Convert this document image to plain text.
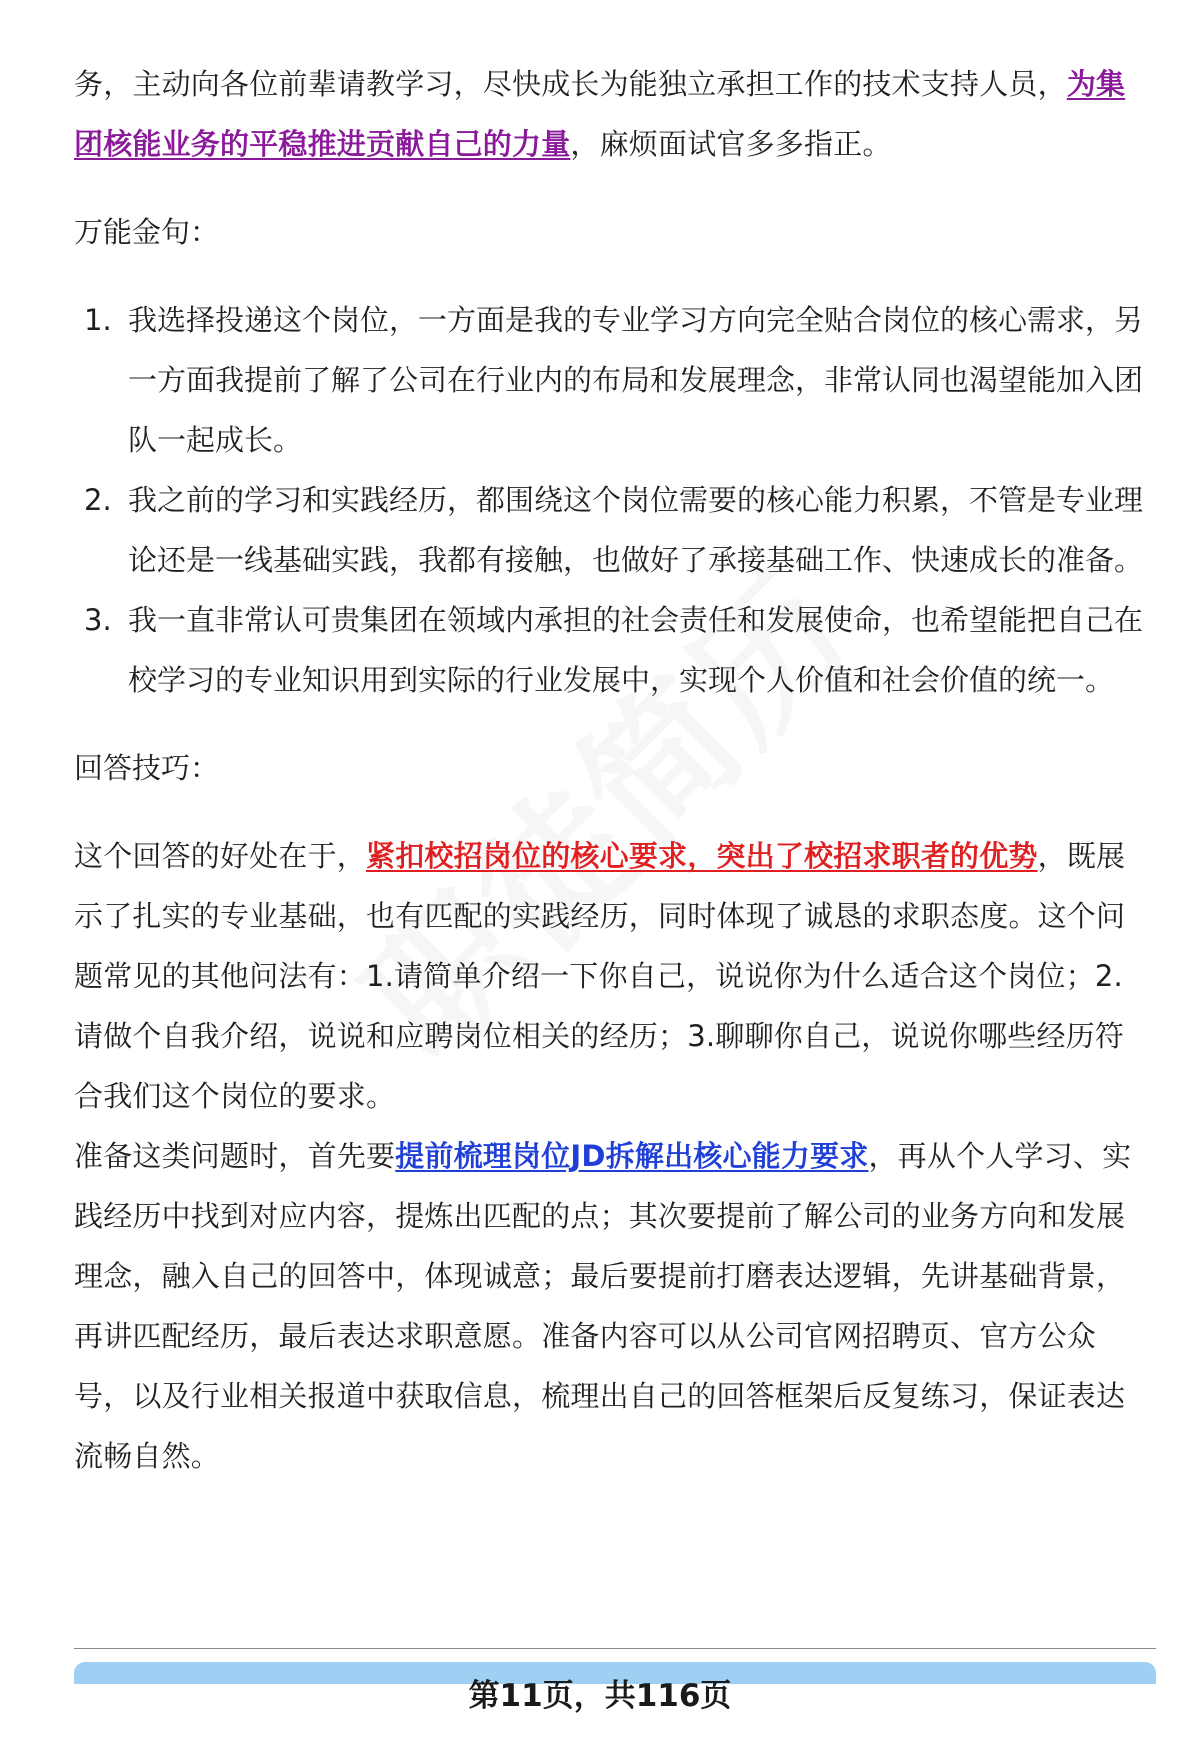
务，主动向各位前辈请教学习，尽快成长为能独立承担工作的技术支持人员，为集团核能业务的平稳推进贡献自己的力量，麻烦面试官多多指正。

万能金句：

1. 我选择投递这个岗位，一方面是我的专业学习方向完全贴合岗位的核心需求，另一方面我提前了解了公司在行业内的布局和发展理念，非常认同也渴望能加入团队一起成长。
2. 我之前的学习和实践经历，都围绕这个岗位需要的核心能力积累，不管是专业理论还是一线基础实践，我都有接触，也做好了承接基础工作、快速成长的准备。
3. 我一直非常认可贵集团在领域内承担的社会责任和发展使命，也希望能把自己在校学习的专业知识用到实际的行业发展中，实现个人价值和社会价值的统一。

回答技巧：

这个回答的好处在于，紧扣校招岗位的核心要求，突出了校招求职者的优势，既展示了扎实的专业基础，也有匹配的实践经历，同时体现了诚恳的求职态度。这个问题常见的其他问法有：1.请简单介绍一下你自己，说说你为什么适合这个岗位；2.请做个自我介绍，说说和应聘岗位相关的经历；3.聊聊你自己，说说你哪些经历符合我们这个岗位的要求。

准备这类问题时，首先要提前梳理岗位JD拆解出核心能力要求，再从个人学习、实践经历中找到对应内容，提炼出匹配的点；其次要提前了解公司的业务方向和发展理念，融入自己的回答中，体现诚意；最后要提前打磨表达逻辑，先讲基础背景，再讲匹配经历，最后表达求职意愿。准备内容可以从公司官网招聘页、官方公众号，以及行业相关报道中获取信息，梳理出自己的回答框架后反复练习，保证表达流畅自然。

第11页，共116页
